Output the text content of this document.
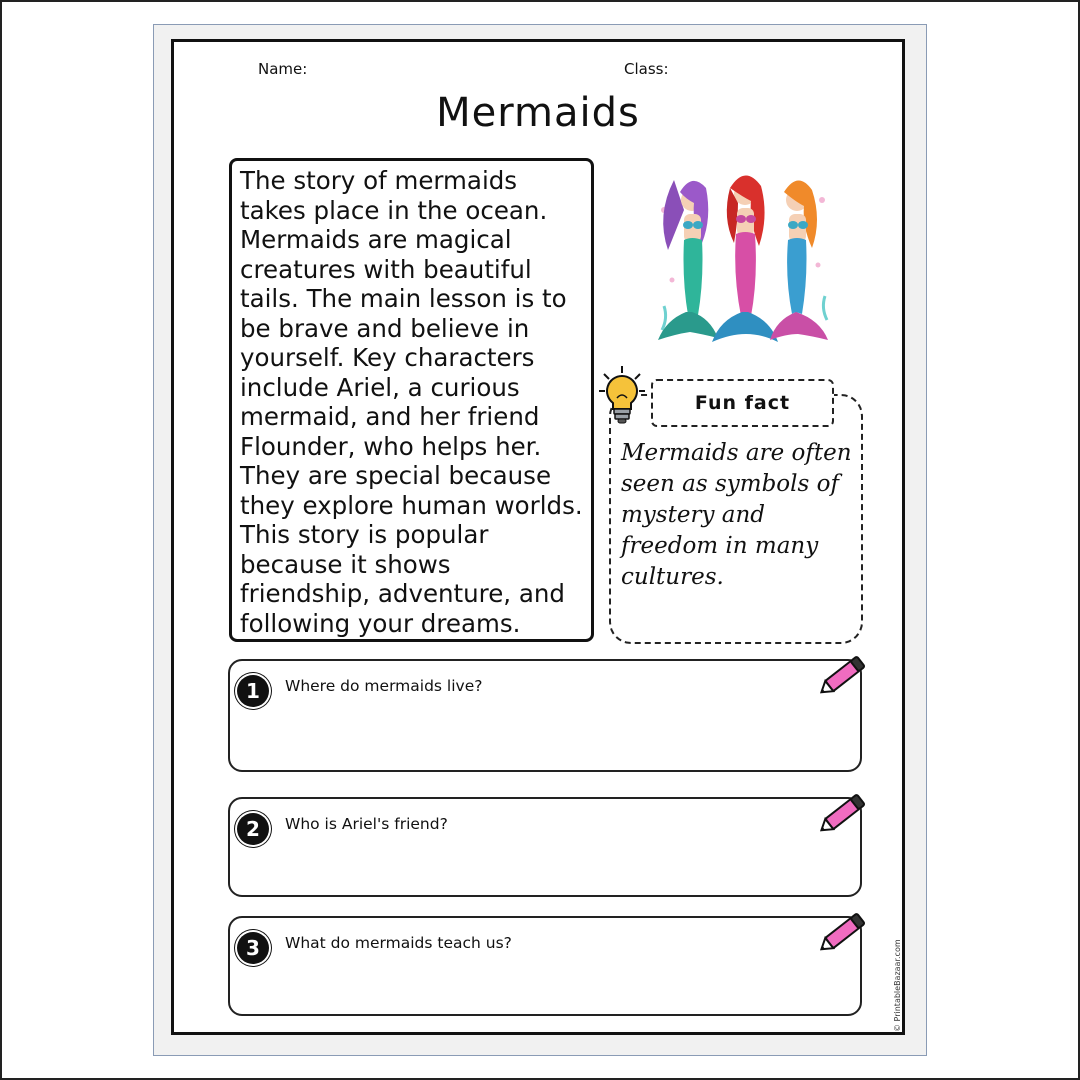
Name:	Class:
Mermaids

The story of mermaids takes place in the ocean. Mermaids are magical creatures with beautiful tails. The main lesson is to be brave and believe in yourself. Key characters include Ariel, a curious mermaid, and her friend Flounder, who helps her. They are special because they explore human worlds. This story is popular because it shows friendship, adventure, and following your dreams.

Fun fact
Mermaids are often seen as symbols of mystery and freedom in many cultures.
1	Where do mermaids live?
2	Who is Ariel's friend?
3	What do mermaids teach us?	© PrintableBazaar.com
